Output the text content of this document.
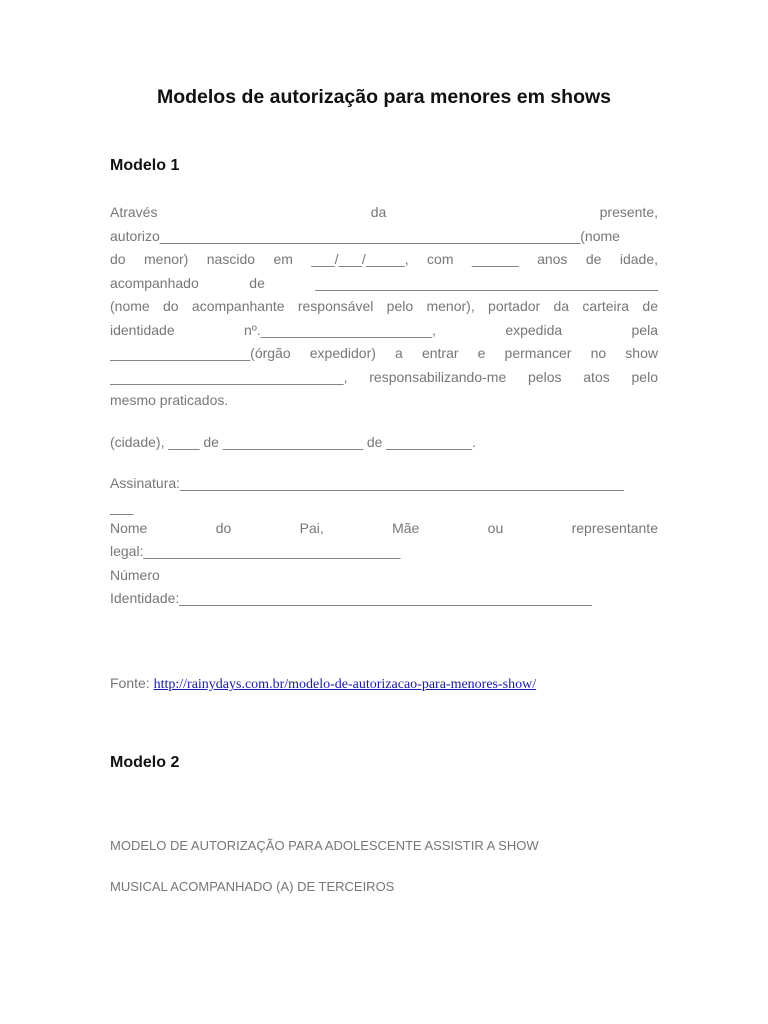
Modelos de autorização para menores em shows
Modelo 1
Através da presente,
autorizo______________________________________________________(nome
do menor) nascido em ___/___/_____, com ______ anos de idade,
acompanhado de ____________________________________________
(nome do acompanhante responsável pelo menor), portador da carteira de
identidade nº.______________________, expedida pela
__________________(órgão expedidor) a entrar e permancer no show
______________________________, responsabilizando-me pelos atos pelo
mesmo praticados.
(cidade), ____ de __________________ de ___________.
Assinatura:_________________________________________________________
___
Nome do Pai, Mãe ou representante
legal:_________________________________
Número
Identidade:_____________________________________________________
Fonte: http://rainydays.com.br/modelo-de-autorizacao-para-menores-show/
Modelo 2
MODELO DE AUTORIZAÇÃO PARA ADOLESCENTE ASSISTIR A SHOW
MUSICAL ACOMPANHADO (A) DE TERCEIROS
